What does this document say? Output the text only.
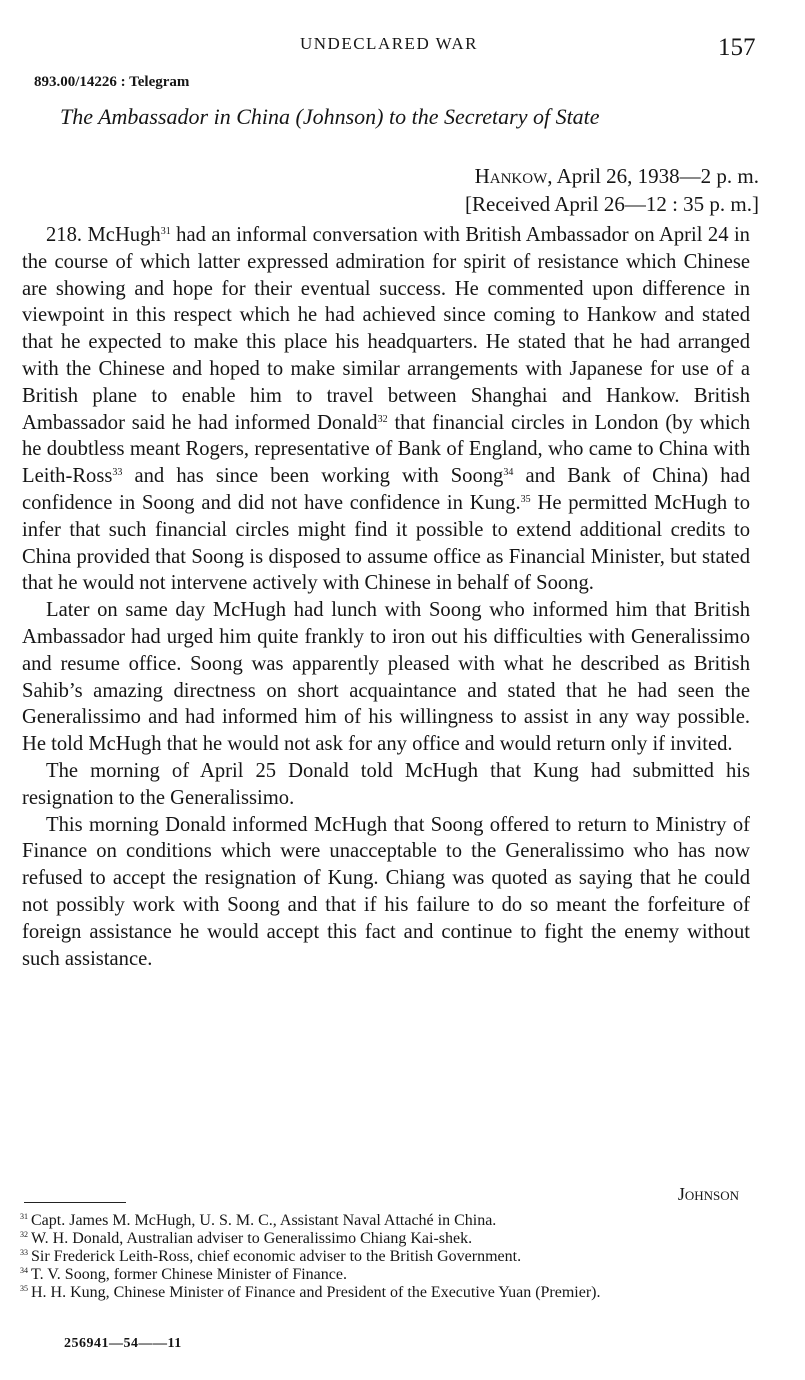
UNDECLARED WAR	157
893.00/14226 : Telegram
The Ambassador in China (Johnson) to the Secretary of State
Hankow, April 26, 1938—2 p. m.
[Received April 26—12 : 35 p. m.]

218. McHugh$^{31}$ had an informal conversation with British Ambassador on April 24 in the course of which latter expressed admiration for spirit of resistance which Chinese are showing and hope for their eventual success. He commented upon difference in viewpoint in this respect which he had achieved since coming to Hankow and stated that he expected to make this place his headquarters. He stated that he had arranged with the Chinese and hoped to make similar arrangements with Japanese for use of a British plane to enable him to travel between Shanghai and Hankow. British Ambassador said he had informed Donald$^{32}$ that financial circles in London (by which he doubtless meant Rogers, representative of Bank of England, who came to China with Leith-Ross$^{33}$ and has since been working with Soong$^{34}$ and Bank of China) had confidence in Soong and did not have confidence in Kung.$^{35}$ He permitted McHugh to infer that such financial circles might find it possible to extend additional credits to China provided that Soong is disposed to assume office as Financial Minister, but stated that he would not intervene actively with Chinese in behalf of Soong.

Later on same day McHugh had lunch with Soong who informed him that British Ambassador had urged him quite frankly to iron out his difficulties with Generalissimo and resume office. Soong was apparently pleased with what he described as British Sahib’s amazing directness on short acquaintance and stated that he had seen the Generalissimo and had informed him of his willingness to assist in any way possible. He told McHugh that he would not ask for any office and would return only if invited.

The morning of April 25 Donald told McHugh that Kung had submitted his resignation to the Generalissimo.

This morning Donald informed McHugh that Soong offered to return to Ministry of Finance on conditions which were unacceptable to the Generalissimo who has now refused to accept the resignation of Kung. Chiang was quoted as saying that he could not possibly work with Soong and that if his failure to do so meant the forfeiture of foreign assistance he would accept this fact and continue to fight the enemy without such assistance.

Johnson
$^{31}$ Capt. James M. McHugh, U. S. M. C., Assistant Naval Attaché in China.
$^{32}$ W. H. Donald, Australian adviser to Generalissimo Chiang Kai-shek.
$^{33}$ Sir Frederick Leith-Ross, chief economic adviser to the British Government.
$^{34}$ T. V. Soong, former Chinese Minister of Finance.
$^{35}$ H. H. Kung, Chinese Minister of Finance and President of the Executive Yuan (Premier).
256941—54——11
